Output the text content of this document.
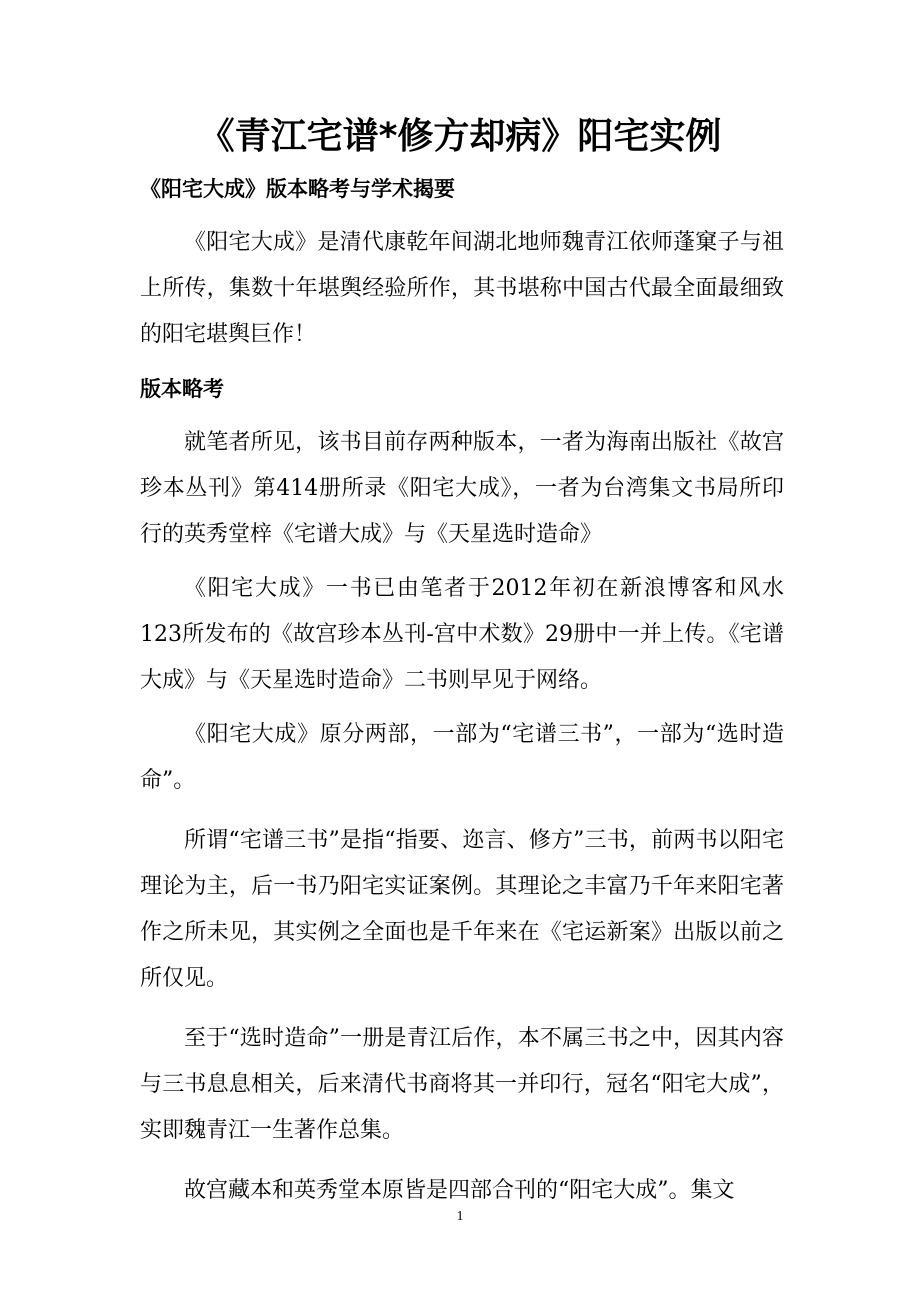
《青江宅谱*修方却病》阳宅实例
《阳宅大成》版本略考与学术揭要

《阳宅大成》是清代康乾年间湖北地师魏青江依师蓬窠子与祖上所传，集数十年堪舆经验所作，其书堪称中国古代最全面最细致的阳宅堪舆巨作！

版本略考

就笔者所见，该书目前存两种版本，一者为海南出版社《故宫珍本丛刊》第414册所录《阳宅大成》，一者为台湾集文书局所印行的英秀堂梓《宅谱大成》与《天星选时造命》

《阳宅大成》一书已由笔者于2012年初在新浪博客和风水123所发布的《故宫珍本丛刊-宫中术数》29册中一并上传。《宅谱大成》与《天星选时造命》二书则早见于网络。

《阳宅大成》原分两部，一部为“宅谱三书”，一部为“选时造命”。

所谓“宅谱三书”是指“指要、迩言、修方”三书，前两书以阳宅理论为主，后一书乃阳宅实证案例。其理论之丰富乃千年来阳宅著作之所未见，其实例之全面也是千年来在《宅运新案》出版以前之所仅见。

至于“选时造命”一册是青江后作，本不属三书之中，因其内容与三书息息相关，后来清代书商将其一并印行，冠名“阳宅大成”，实即魏青江一生著作总集。

故宫藏本和英秀堂本原皆是四部合刊的“阳宅大成”。集文

1
